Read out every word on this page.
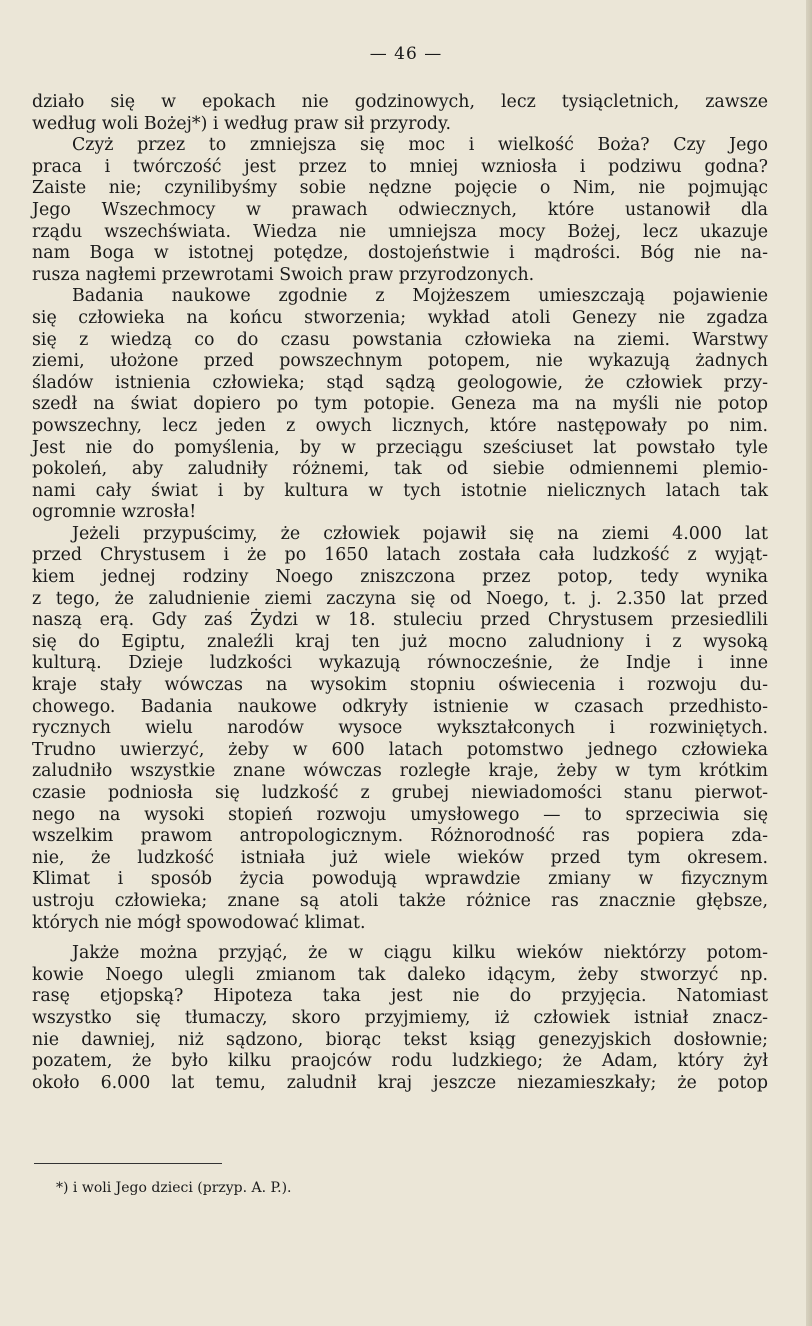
— 46 —
działo się w epokach nie godzinowych, lecz tysiącletnich, zawsze
według woli Bożej*) i według praw sił przyrody.
Czyż przez to zmniejsza się moc i wielkość Boża? Czy Jego
praca i twórczość jest przez to mniej wzniosła i podziwu godna?
Zaiste nie; czynilibyśmy sobie nędzne pojęcie o Nim, nie pojmując
Jego Wszechmocy w prawach odwiecznych, które ustanowił dla
rządu wszechświata. Wiedza nie umniejsza mocy Bożej, lecz ukazuje
nam Boga w istotnej potędze, dostojeństwie i mądrości. Bóg nie na-
rusza nagłemi przewrotami Swoich praw przyrodzonych.
Badania naukowe zgodnie z Mojżeszem umieszczają pojawienie
się człowieka na końcu stworzenia; wykład atoli Genezy nie zgadza
się z wiedzą co do czasu powstania człowieka na ziemi. Warstwy
ziemi, ułożone przed powszechnym potopem, nie wykazują żadnych
śladów istnienia człowieka; stąd sądzą geologowie, że człowiek przy-
szedł na świat dopiero po tym potopie. Geneza ma na myśli nie potop
powszechny, lecz jeden z owych licznych, które następowały po nim.
Jest nie do pomyślenia, by w przeciągu sześciuset lat powstało tyle
pokoleń, aby zaludniły różnemi, tak od siebie odmiennemi plemio-
nami cały świat i by kultura w tych istotnie nielicznych latach tak
ogromnie wzrosła!
Jeżeli przypuścimy, że człowiek pojawił się na ziemi 4.000 lat
przed Chrystusem i że po 1650 latach została cała ludzkość z wyjąt-
kiem jednej rodziny Noego zniszczona przez potop, tedy wynika
z tego, że zaludnienie ziemi zaczyna się od Noego, t. j. 2.350 lat przed
naszą erą. Gdy zaś Żydzi w 18. stuleciu przed Chrystusem przesiedlili
się do Egiptu, znaleźli kraj ten już mocno zaludniony i z wysoką
kulturą. Dzieje ludzkości wykazują równocześnie, że Indje i inne
kraje stały wówczas na wysokim stopniu oświecenia i rozwoju du-
chowego. Badania naukowe odkryły istnienie w czasach przedhisto-
rycznych wielu narodów wysoce wykształconych i rozwiniętych.
Trudno uwierzyć, żeby w 600 latach potomstwo jednego człowieka
zaludniło wszystkie znane wówczas rozległe kraje, żeby w tym krótkim
czasie podniosła się ludzkość z grubej niewiadomości stanu pierwot-
nego na wysoki stopień rozwoju umysłowego — to sprzeciwia się
wszelkim prawom antropologicznym. Różnorodność ras popiera zda-
nie, że ludzkość istniała już wiele wieków przed tym okresem.
Klimat i sposób życia powodują wprawdzie zmiany w fizycznym
ustroju człowieka; znane są atoli także różnice ras znacznie głębsze,
których nie mógł spowodować klimat.
Jakże można przyjąć, że w ciągu kilku wieków niektórzy potom-
kowie Noego ulegli zmianom tak daleko idącym, żeby stworzyć np.
rasę etjopską? Hipoteza taka jest nie do przyjęcia. Natomiast
wszystko się tłumaczy, skoro przyjmiemy, iż człowiek istniał znacz-
nie dawniej, niż sądzono, biorąc tekst ksiąg genezyjskich dosłownie;
pozatem, że było kilku praojców rodu ludzkiego; że Adam, który żył
około 6.000 lat temu, zaludnił kraj jeszcze niezamieszkały; że potop
*) i woli Jego dzieci (przyp. A. P.).
